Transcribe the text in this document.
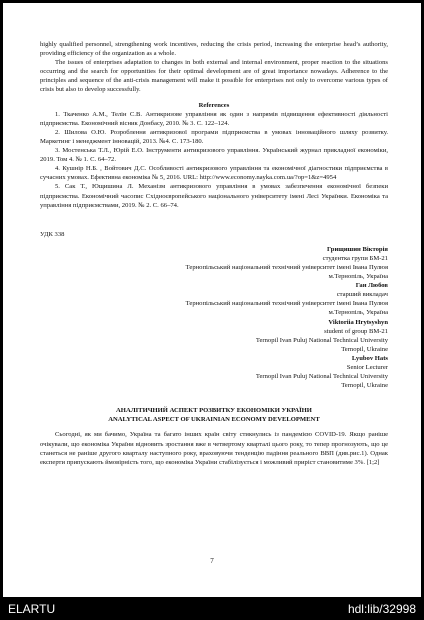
highly qualified personnel, strengthening work incentives, reducing the crisis period, increasing the enterprise head’s authority, providing efficiency of the organization as a whole.

The issues of enterprises adaptation to changes in both external and internal environment, proper reaction to the situations occurring and the search for opportunities for their optimal development are of great importance nowadays. Adherence to the principles and sequence of the anti-crisis management will make it possible for enterprises not only to overcome various types of crisis but also to develop successfully.

References

1. Ткаченко А.М., Телін С.В. Антикризове управління як один з напрямів підвищення ефективності діяльності підприємства. Економічний вісник Донбасу, 2010. № 3. С. 122–124.

2. Шилова О.Ю. Розроблення антикризової програми підприємства в умовах інноваційного шляху розвитку. Маркетинг і менеджмент інновацій, 2013. №4. С. 173-180.

3. Мостенська Т.Л., Юрій Е.О. Інструменти антикризового управління. Український журнал прикладної економіки, 2019. Том 4. № 1. С. 64–72.

4. Кушнір Н.Б. , Войтович Д.С. Особливості антикризового управління та економічної діагностики підприємства в сучасних умовах. Ефективна економіка № 5, 2016. URL: http://www.economy.nayka.com.ua/?op=1&z=4954

5. Сак Т., Ющишина Л. Механізм антикризового управління в умовах забезпечення економічної безпеки підприємства. Економічний часопис Східноєвропейського національного університету імені Лесі Українки. Економіка та управління підприємствами, 2019. № 2. С. 66–74.

УДК 338

Грищишин Вікторія

студентка групи БМ-21

Тернопільський національний технічний університет імені Івана Пулюя

м.Тернопіль, Україна

Ган Любов

старший викладач

Тернопільський національний технічний університет імені Івана Пулюя

м.Тернопіль, Україна

Viktoriia Hrytsyshyn

student of group BM-21

Ternopil Ivan Puluj National Technical University

Ternopil, Ukraine

Lyubov Hats

Senior Lecturer

Ternopil Ivan Puluj National Technical University

Ternopil, Ukraine

АНАЛІТИЧНИЙ АСПЕКТ РОЗВИТКУ ЕКОНОМІКИ УКРАЇНИ

ANALYTICAL ASPECT OF UKRAINIAN ECONOMY DEVELOPMENT

Сьогодні, як ми бачимо, Україна та багато інших країн світу стикнулись із пандемією COVID-19. Якщо раніше очікували, що економіка України відновить зростання вже в четвертому кварталі цього року, то тепер прогнозують, що це станеться не раніше другого кварталу наступного року, враховуючи тенденцію падіння реального ВВП (див.рис.1). Однак експерти припускають ймовірність того, що економіка України стабілізується і можливий приріст становитиме 3%. [1;2]

7
ELARTU	hdl:lib/32998
